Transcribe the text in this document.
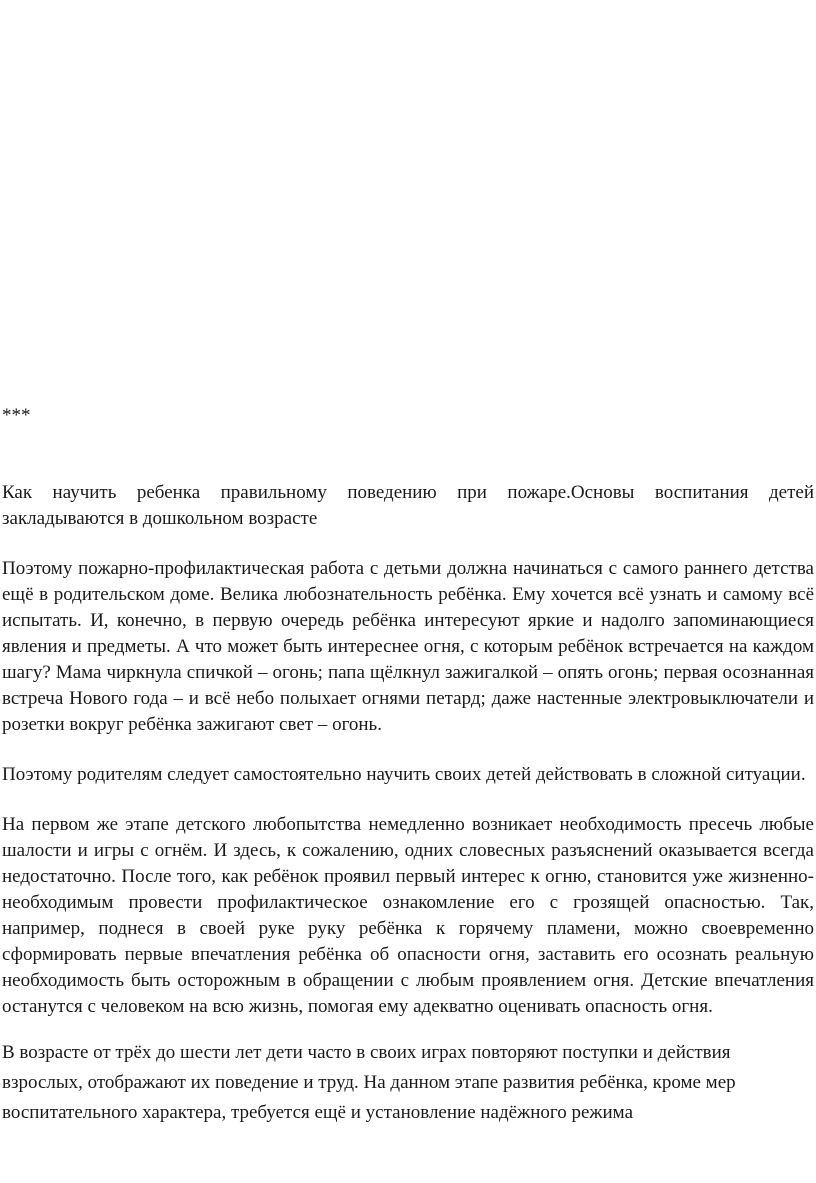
***

Как научить ребенка правильному поведению при пожаре.Основы воспитания детей закладываются в дошкольном возрасте

Поэтому пожарно-профилактическая работа с детьми должна начинаться с самого раннего детства ещё в родительском доме. Велика любознательность ребёнка. Ему хочется всё узнать и самому всё испытать. И, конечно, в первую очередь ребёнка интересуют яркие и надолго запоминающиеся явления и предметы. А что может быть интереснее огня, с которым ребёнок встречается на каждом шагу? Мама чиркнула спичкой – огонь; папа щёлкнул зажигалкой – опять огонь; первая осознанная встреча Нового года – и всё небо полыхает огнями петард; даже настенные электровыключатели и розетки вокруг ребёнка зажигают свет – огонь.

Поэтому родителям следует самостоятельно научить своих детей действовать в сложной ситуации.

На первом же этапе детского любопытства немедленно возникает необходимость пресечь любые шалости и игры с огнём. И здесь, к сожалению, одних словесных разъяснений оказывается всегда недостаточно. После того, как ребёнок проявил первый интерес к огню, становится уже жизненно-необходимым провести профилактическое ознакомление его с грозящей опасностью. Так, например, поднеся в своей руке руку ребёнка к горячему пламени, можно своевременно сформировать первые впечатления ребёнка об опасности огня, заставить его осознать реальную необходимость быть осторожным в обращении с любым проявлением огня. Детские впечатления останутся с человеком на всю жизнь, помогая ему адекватно оценивать опасность огня.

В возрасте от трёх до шести лет дети часто в своих играх повторяют поступки и действия взрослых, отображают их поведение и труд. На данном этапе развития ребёнка, кроме мер воспитательного характера, требуется ещё и установление надёжного режима
